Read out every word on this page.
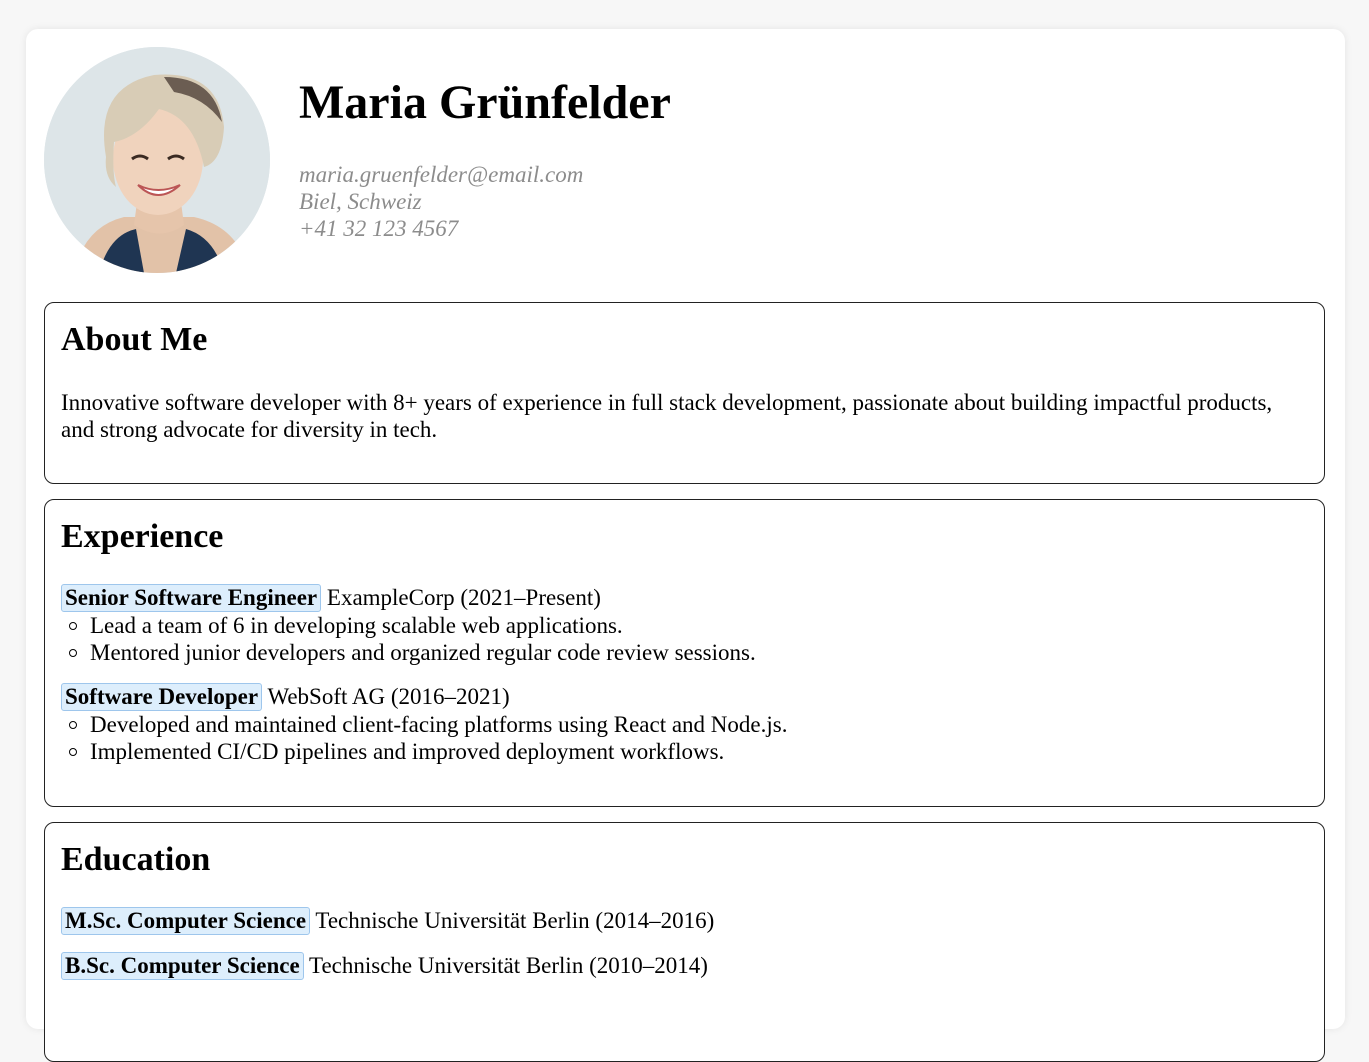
Maria Grünfelder
maria.gruenfelder@email.com
Biel, Schweiz
+41 32 123 4567
About Me
Innovative software developer with 8+ years of experience in full stack development, passionate about building impactful products, and strong advocate for diversity in tech.
Experience
Senior Software Engineer ExampleCorp (2021–Present)
Lead a team of 6 in developing scalable web applications.
Mentored junior developers and organized regular code review sessions.
Software Developer WebSoft AG (2016–2021)
Developed and maintained client-facing platforms using React and Node.js.
Implemented CI/CD pipelines and improved deployment workflows.
Education
M.Sc. Computer Science Technische Universität Berlin (2014–2016)
B.Sc. Computer Science Technische Universität Berlin (2010–2014)
